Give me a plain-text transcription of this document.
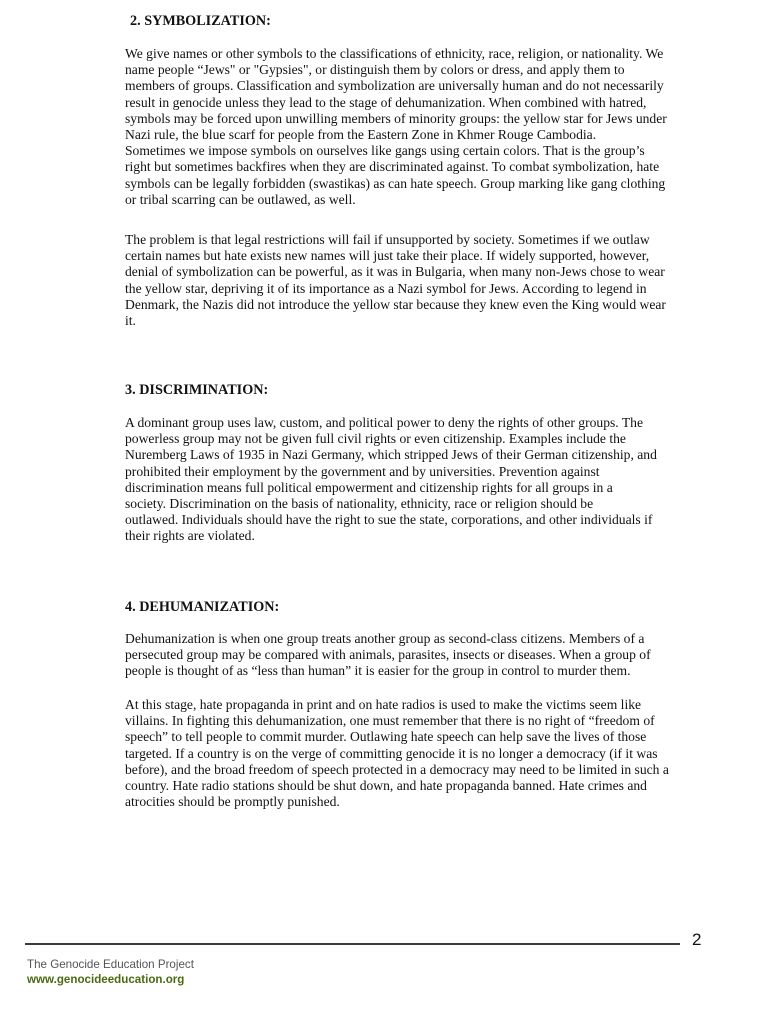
2. SYMBOLIZATION:

We give names or other symbols to the classifications of ethnicity, race, religion, or nationality. We
name people “Jews" or "Gypsies", or distinguish them by colors or dress, and apply them to
members of groups. Classification and symbolization are universally human and do not necessarily
result in genocide unless they lead to the stage of dehumanization. When combined with hatred,
symbols may be forced upon unwilling members of minority groups: the yellow star for Jews under
Nazi rule, the blue scarf for people from the Eastern Zone in Khmer Rouge Cambodia.
Sometimes we impose symbols on ourselves like gangs using certain colors. That is the group’s
right but sometimes backfires when they are discriminated against. To combat symbolization, hate
symbols can be legally forbidden (swastikas) as can hate speech. Group marking like gang clothing
or tribal scarring can be outlawed, as well.

The problem is that legal restrictions will fail if unsupported by society. Sometimes if we outlaw
certain names but hate exists new names will just take their place. If widely supported, however,
denial of symbolization can be powerful, as it was in Bulgaria, when many non-Jews chose to wear
the yellow star, depriving it of its importance as a Nazi symbol for Jews. According to legend in
Denmark, the Nazis did not introduce the yellow star because they knew even the King would wear
it.

3. DISCRIMINATION:

A dominant group uses law, custom, and political power to deny the rights of other groups. The
powerless group may not be given full civil rights or even citizenship. Examples include the
Nuremberg Laws of 1935 in Nazi Germany, which stripped Jews of their German citizenship, and
prohibited their employment by the government and by universities. Prevention against
discrimination means full political empowerment and citizenship rights for all groups in a
society. Discrimination on the basis of nationality, ethnicity, race or religion should be
outlawed. Individuals should have the right to sue the state, corporations, and other individuals if
their rights are violated.

4. DEHUMANIZATION:

Dehumanization is when one group treats another group as second-class citizens. Members of a
persecuted group may be compared with animals, parasites, insects or diseases. When a group of
people is thought of as “less than human” it is easier for the group in control to murder them.

At this stage, hate propaganda in print and on hate radios is used to make the victims seem like
villains. In fighting this dehumanization, one must remember that there is no right of “freedom of
speech” to tell people to commit murder. Outlawing hate speech can help save the lives of those
targeted. If a country is on the verge of committing genocide it is no longer a democracy (if it was
before), and the broad freedom of speech protected in a democracy may need to be limited in such a
country. Hate radio stations should be shut down, and hate propaganda banned. Hate crimes and
atrocities should be promptly punished.

2
The Genocide Education Project
www.genocideeducation.org
